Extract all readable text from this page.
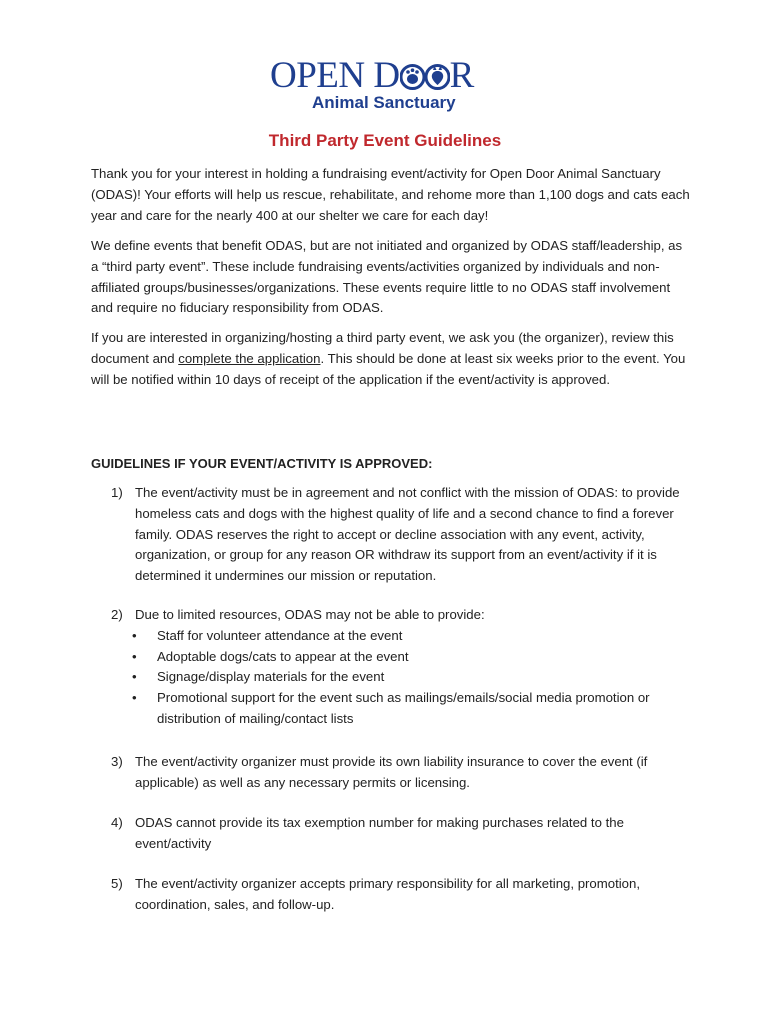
OPEN D R
Animal Sanctuary
Third Party Event Guidelines

Thank you for your interest in holding a fundraising event/activity for Open Door Animal Sanctuary (ODAS)! Your efforts will help us rescue, rehabilitate, and rehome more than 1,100 dogs and cats each year and care for the nearly 400 at our shelter we care for each day!

We define events that benefit ODAS, but are not initiated and organized by ODAS staff/leadership, as a “third party event”. These include fundraising events/activities organized by individuals and non-affiliated groups/businesses/organizations. These events require little to no ODAS staff involvement and require no fiduciary responsibility from ODAS.

If you are interested in organizing/hosting a third party event, we ask you (the organizer), review this document and complete the application. This should be done at least six weeks prior to the event. You will be notified within 10 days of receipt of the application if the event/activity is approved.

GUIDELINES IF YOUR EVENT/ACTIVITY IS APPROVED:

1) The event/activity must be in agreement and not conflict with the mission of ODAS: to provide homeless cats and dogs with the highest quality of life and a second chance to find a forever family. ODAS reserves the right to accept or decline association with any event, activity, organization, or group for any reason OR withdraw its support from an event/activity if it is determined it undermines our mission or reputation.
2) Due to limited resources, ODAS may not be able to provide:
• Staff for volunteer attendance at the event
• Adoptable dogs/cats to appear at the event
• Signage/display materials for the event
• Promotional support for the event such as mailings/emails/social media promotion or distribution of mailing/contact lists
3) The event/activity organizer must provide its own liability insurance to cover the event (if applicable) as well as any necessary permits or licensing.
4) ODAS cannot provide its tax exemption number for making purchases related to the event/activity
5) The event/activity organizer accepts primary responsibility for all marketing, promotion, coordination, sales, and follow-up.
